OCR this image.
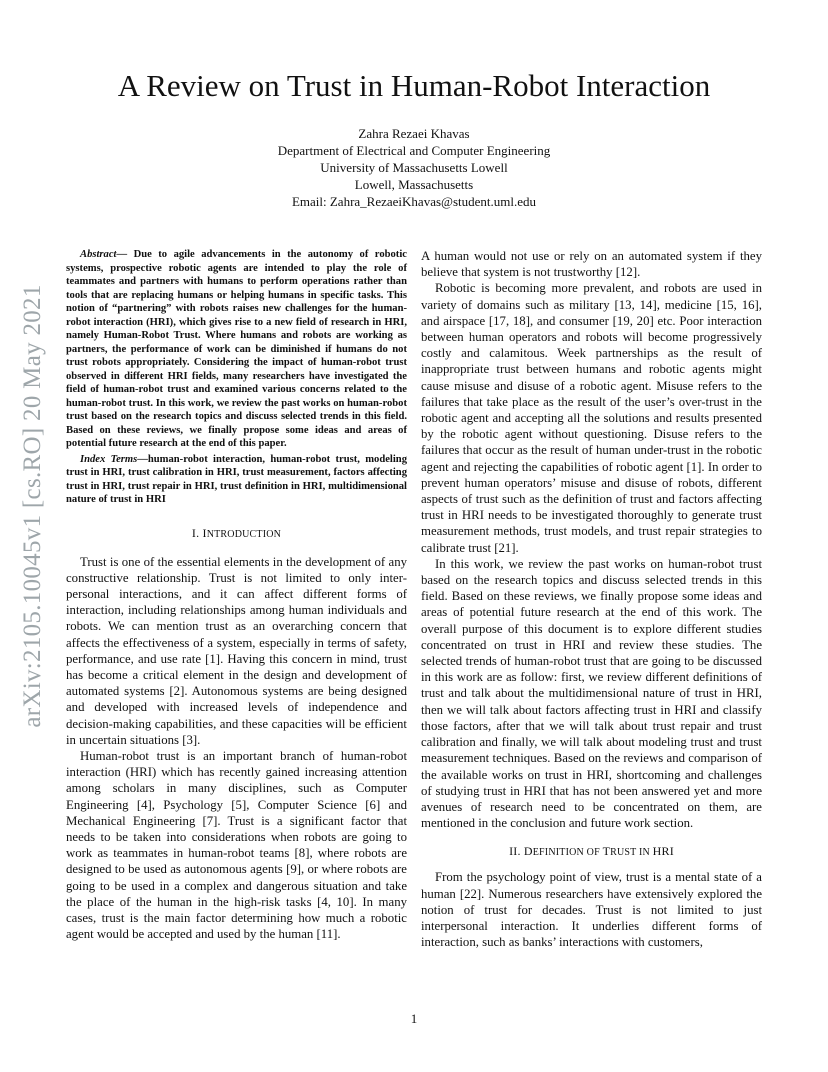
A Review on Trust in Human-Robot Interaction
Zahra Rezaei Khavas
Department of Electrical and Computer Engineering
University of Massachusetts Lowell
Lowell, Massachusetts
Email: Zahra_RezaeiKhavas@student.uml.edu
arXiv:2105.10045v1 [cs.RO] 20 May 2021

Abstract— Due to agile advancements in the autonomy of robotic systems, prospective robotic agents are intended to play the role of teammates and partners with humans to perform operations rather than tools that are replacing humans or helping humans in specific tasks. This notion of “partnering” with robots raises new challenges for the human-robot interaction (HRI), which gives rise to a new field of research in HRI, namely Human-Robot Trust. Where humans and robots are working as partners, the performance of work can be diminished if humans do not trust robots appropriately. Considering the impact of human-robot trust observed in different HRI fields, many researchers have investigated the field of human-robot trust and examined various concerns related to the human-robot trust. In this work, we review the past works on human-robot trust based on the research topics and discuss selected trends in this field. Based on these reviews, we finally propose some ideas and areas of potential future research at the end of this paper.

Index Terms—human-robot interaction, human-robot trust, modeling trust in HRI, trust calibration in HRI, trust measurement, factors affecting trust in HRI, trust repair in HRI, trust definition in HRI, multidimensional nature of trust in HRI

I. INTRODUCTION

Trust is one of the essential elements in the development of any constructive relationship. Trust is not limited to only inter-personal interactions, and it can affect different forms of interaction, including relationships among human individuals and robots. We can mention trust as an overarching concern that affects the effectiveness of a system, especially in terms of safety, performance, and use rate [1]. Having this concern in mind, trust has become a critical element in the design and development of automated systems [2]. Autonomous systems are being designed and developed with increased levels of independence and decision-making capabilities, and these capacities will be efficient in uncertain situations [3].

Human-robot trust is an important branch of human-robot interaction (HRI) which has recently gained increasing attention among scholars in many disciplines, such as Computer Engineering [4], Psychology [5], Computer Science [6] and Mechanical Engineering [7]. Trust is a significant factor that needs to be taken into considerations when robots are going to work as teammates in human-robot teams [8], where robots are designed to be used as autonomous agents [9], or where robots are going to be used in a complex and dangerous situation and take the place of the human in the high-risk tasks [4, 10]. In many cases, trust is the main factor determining how much a robotic agent would be accepted and used by the human [11].

A human would not use or rely on an automated system if they believe that system is not trustworthy [12].

Robotic is becoming more prevalent, and robots are used in variety of domains such as military [13, 14], medicine [15, 16], and airspace [17, 18], and consumer [19, 20] etc. Poor interaction between human operators and robots will become progressively costly and calamitous. Week partnerships as the result of inappropriate trust between humans and robotic agents might cause misuse and disuse of a robotic agent. Misuse refers to the failures that take place as the result of the user’s over-trust in the robotic agent and accepting all the solutions and results presented by the robotic agent without questioning. Disuse refers to the failures that occur as the result of human under-trust in the robotic agent and rejecting the capabilities of robotic agent [1]. In order to prevent human operators’ misuse and disuse of robots, different aspects of trust such as the definition of trust and factors affecting trust in HRI needs to be investigated thoroughly to generate trust measurement methods, trust models, and trust repair strategies to calibrate trust [21].

In this work, we review the past works on human-robot trust based on the research topics and discuss selected trends in this field. Based on these reviews, we finally propose some ideas and areas of potential future research at the end of this work. The overall purpose of this document is to explore different studies concentrated on trust in HRI and review these studies. The selected trends of human-robot trust that are going to be discussed in this work are as follow: first, we review different definitions of trust and talk about the multidimensional nature of trust in HRI, then we will talk about factors affecting trust in HRI and classify those factors, after that we will talk about trust repair and trust calibration and finally, we will talk about modeling trust and trust measurement techniques. Based on the reviews and comparison of the available works on trust in HRI, shortcoming and challenges of studying trust in HRI that has not been answered yet and more avenues of research need to be concentrated on them, are mentioned in the conclusion and future work section.

II. DEFINITION OF TRUST IN HRI

From the psychology point of view, trust is a mental state of a human [22]. Numerous researchers have extensively explored the notion of trust for decades. Trust is not limited to just interpersonal interaction. It underlies different forms of interaction, such as banks’ interactions with customers,

1
